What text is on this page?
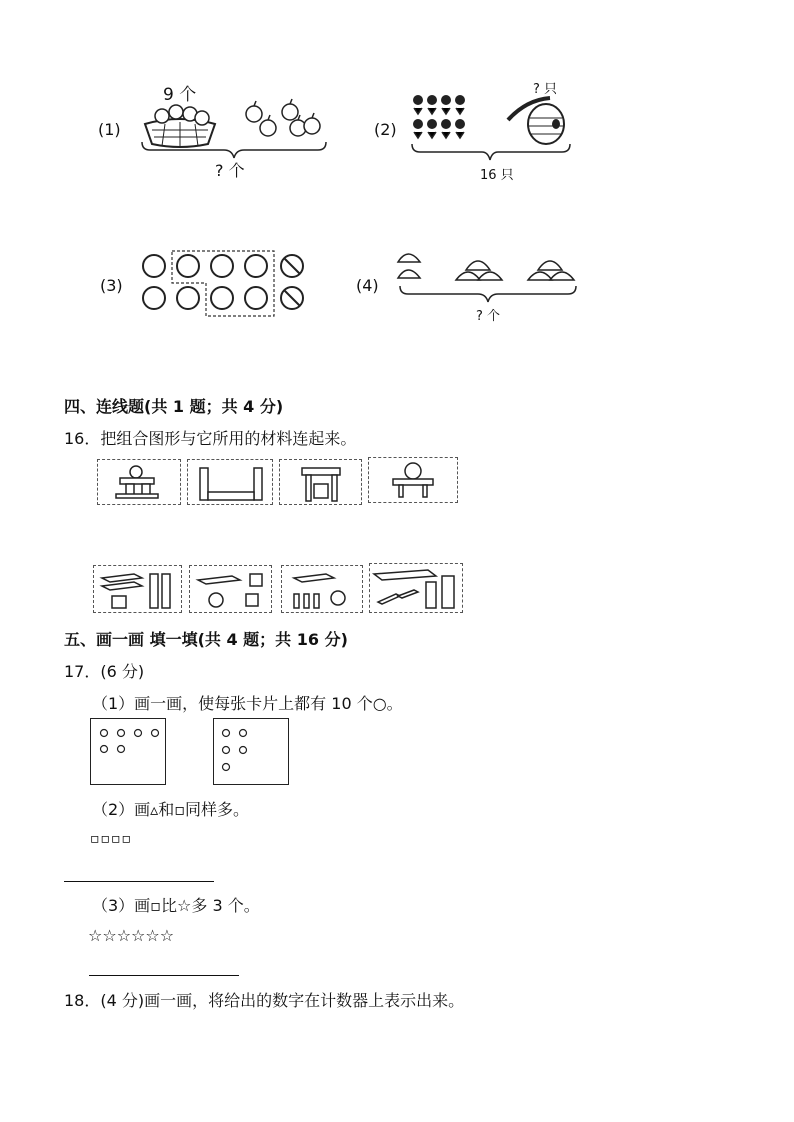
(1)
9 个
? 个
(2)
? 只
16 只
(3)	(4)
? 个
四、连线题(共 1 题；共 4 分)
16．把组合图形与它所用的材料连起来。
五、画一画 填一填(共 4 题；共 16 分)
17．(6 分)
（1）画一画，使每张卡片上都有 10 个○。
（2）画▵和▫同样多。
▫▫▫▫
（3）画▫比☆多 3 个。
☆☆☆☆☆☆
18．(4 分)画一画，将给出的数字在计数器上表示出来。
